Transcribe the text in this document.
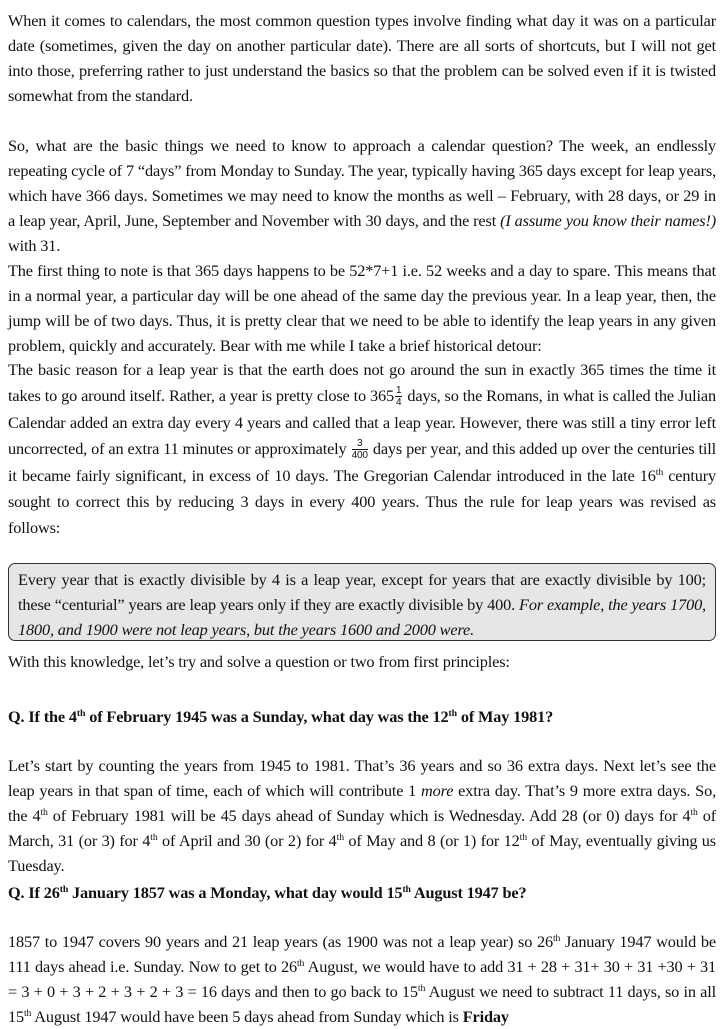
When it comes to calendars, the most common question types involve finding what day it was on a particular date (sometimes, given the day on another particular date). There are all sorts of shortcuts, but I will not get into those, preferring rather to just understand the basics so that the problem can be solved even if it is twisted somewhat from the standard.

So, what are the basic things we need to know to approach a calendar question? The week, an endlessly repeating cycle of 7 “days” from Monday to Sunday. The year, typically having 365 days except for leap years, which have 366 days. Sometimes we may need to know the months as well – February, with 28 days, or 29 in a leap year, April, June, September and November with 30 days, and the rest (I assume you know their names!) with 31.

The first thing to note is that 365 days happens to be 52*7+1 i.e. 52 weeks and a day to spare. This means that in a normal year, a particular day will be one ahead of the same day the previous year. In a leap year, then, the jump will be of two days. Thus, it is pretty clear that we need to be able to identify the leap years in any given problem, quickly and accurately. Bear with me while I take a brief historical detour:

The basic reason for a leap year is that the earth does not go around the sun in exactly 365 times the time it takes to go around itself. Rather, a year is pretty close to $365 \frac{1}{4}$ days, so the Romans, in what is called the Julian Calendar added an extra day every 4 years and called that a leap year. However, there was still a tiny error left uncorrected, of an extra 11 minutes or approximately $\frac{3}{400}$ days per year, and this added up over the centuries till it became fairly significant, in excess of 10 days. The Gregorian Calendar introduced in the late 16th century sought to correct this by reducing 3 days in every 400 years. Thus the rule for leap years was revised as follows:

Every year that is exactly divisible by 4 is a leap year, except for years that are exactly divisible by 100; these “centurial” years are leap years only if they are exactly divisible by 400. For example, the years 1700, 1800, and 1900 were not leap years, but the years 1600 and 2000 were.

With this knowledge, let’s try and solve a question or two from first principles:

Q. If the 4th of February 1945 was a Sunday, what day was the 12th of May 1981?

Let’s start by counting the years from 1945 to 1981. That’s 36 years and so 36 extra days. Next let’s see the leap years in that span of time, each of which will contribute 1 more extra day. That’s 9 more extra days. So, the 4th of February 1981 will be 45 days ahead of Sunday which is Wednesday. Add 28 (or 0) days for 4th of March, 31 (or 3) for 4th of April and 30 (or 2) for 4th of May and 8 (or 1) for 12th of May, eventually giving us Tuesday.

Q. If 26th January 1857 was a Monday, what day would 15th August 1947 be?

1857 to 1947 covers 90 years and 21 leap years (as 1900 was not a leap year) so 26th January 1947 would be 111 days ahead i.e. Sunday. Now to get to 26th August, we would have to add 31 + 28 + 31+ 30 + 31 +30 + 31 = 3 + 0 + 3 + 2 + 3 + 2 + 3 = 16 days and then to go back to 15th August we need to subtract 11 days, so in all 15th August 1947 would have been 5 days ahead from Sunday which is Friday
